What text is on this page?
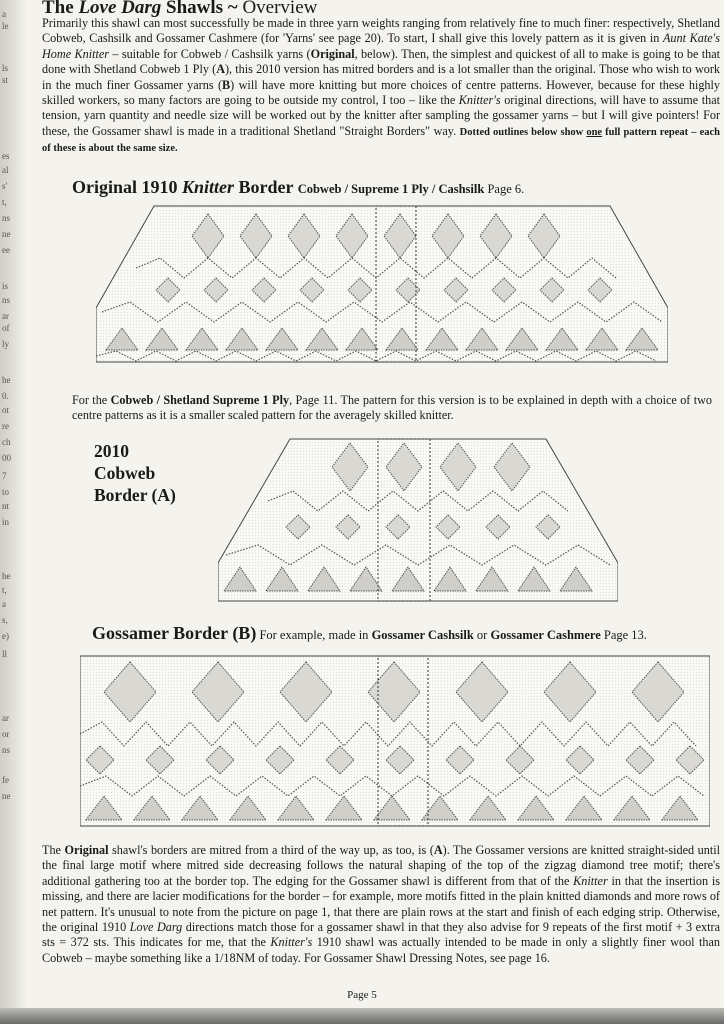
a
le
ls
st
es
al
s'
t,
ns
ne
ee
is
ns
ar
of
ly
he
0.
ot
re
ch
00
7
to
nt
in
he
t,
a
s,
e)
ll
ar
or
ns
fe
ne
The Love Darg Shawls ~ Overview
Primarily this shawl can most successfully be made in three yarn weights ranging from relatively fine to much finer: respectively, Shetland Cobweb, Cashsilk and Gossamer Cashmere (for 'Yarns' see page 20). To start, I shall give this lovely pattern as it is given in Aunt Kate's Home Knitter – suitable for Cobweb / Cashsilk yarns (Original, below). Then, the simplest and quickest of all to make is going to be that done with Shetland Cobweb 1 Ply (A), this 2010 version has mitred borders and is a lot smaller than the original. Those who wish to work in the much finer Gossamer yarns (B) will have more knitting but more choices of centre patterns. However, because for these highly skilled workers, so many factors are going to be outside my control, I too – like the Knitter's original directions, will have to assume that tension, yarn quantity and needle size will be worked out by the knitter after sampling the gossamer yarns – but I will give pointers! For these, the Gossamer shawl is made in a traditional Shetland "Straight Borders" way. Dotted outlines below show one full pattern repeat – each of these is about the same size.
Original 1910 Knitter Border Cobweb / Supreme 1 Ply / Cashsilk Page 6.
For the Cobweb / Shetland Supreme 1 Ply, Page 11. The pattern for this version is to be explained in depth with a choice of two centre patterns as it is a smaller scaled pattern for the averagely skilled knitter.
2010
Cobweb
Border (A)
Gossamer Border (B) For example, made in Gossamer Cashsilk or Gossamer Cashmere Page 13.
The Original shawl's borders are mitred from a third of the way up, as too, is (A). The Gossamer versions are knitted straight-sided until the final large motif where mitred side decreasing follows the natural shaping of the top of the zigzag diamond tree motif; there's additional gathering too at the border top. The edging for the Gossamer shawl is different from that of the Knitter in that the insertion is missing, and there are lacier modifications for the border – for example, more motifs fitted in the plain knitted diamonds and more rows of net pattern. It's unusual to note from the picture on page 1, that there are plain rows at the start and finish of each edging strip. Otherwise, the original 1910 Love Darg directions match those for a gossamer shawl in that they also advise for 9 repeats of the first motif + 3 extra sts = 372 sts. This indicates for me, that the Knitter's 1910 shawl was actually intended to be made in only a slightly finer wool than Cobweb – maybe something like a 1/18NM of today. For Gossamer Shawl Dressing Notes, see page 16.
Page 5
